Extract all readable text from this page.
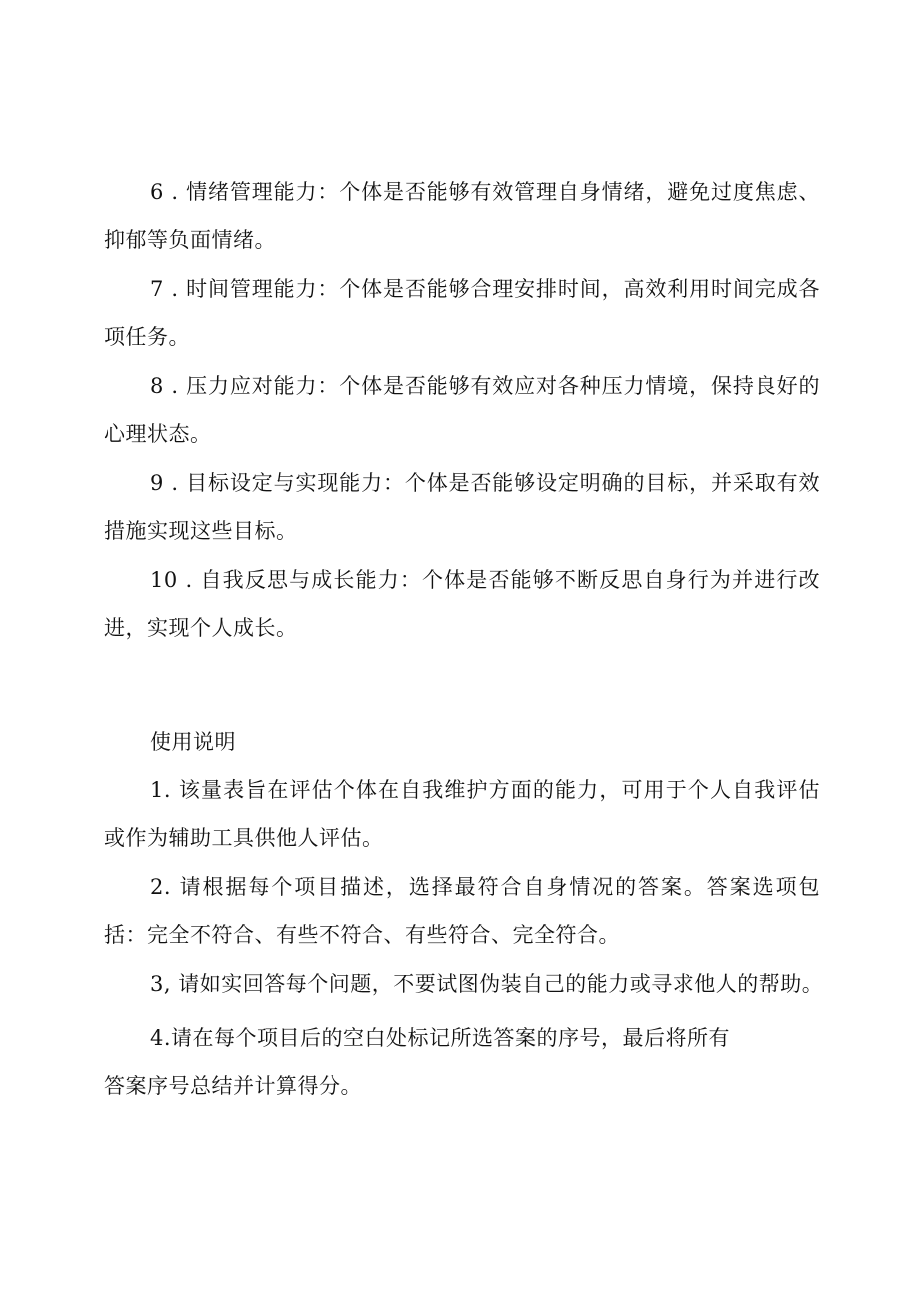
6 . 情绪管理能力：个体是否能够有效管理自身情绪，避免过度焦虑、抑郁等负面情绪。

7 . 时间管理能力：个体是否能够合理安排时间，高效利用时间完成各项任务。

8 . 压力应对能力：个体是否能够有效应对各种压力情境，保持良好的心理状态。

9 . 目标设定与实现能力：个体是否能够设定明确的目标，并采取有效措施实现这些目标。

10 . 自我反思与成长能力：个体是否能够不断反思自身行为并进行改进，实现个人成长。

使用说明

1. 该量表旨在评估个体在自我维护方面的能力，可用于个人自我评估或作为辅助工具供他人评估。

2. 请根据每个项目描述，选择最符合自身情况的答案。答案选项包括：完全不符合、有些不符合、有些符合、完全符合。

3, 请如实回答每个问题，不要试图伪装自己的能力或寻求他人的帮助。

4.请在每个项目后的空白处标记所选答案的序号，最后将所有

答案序号总结并计算得分。
